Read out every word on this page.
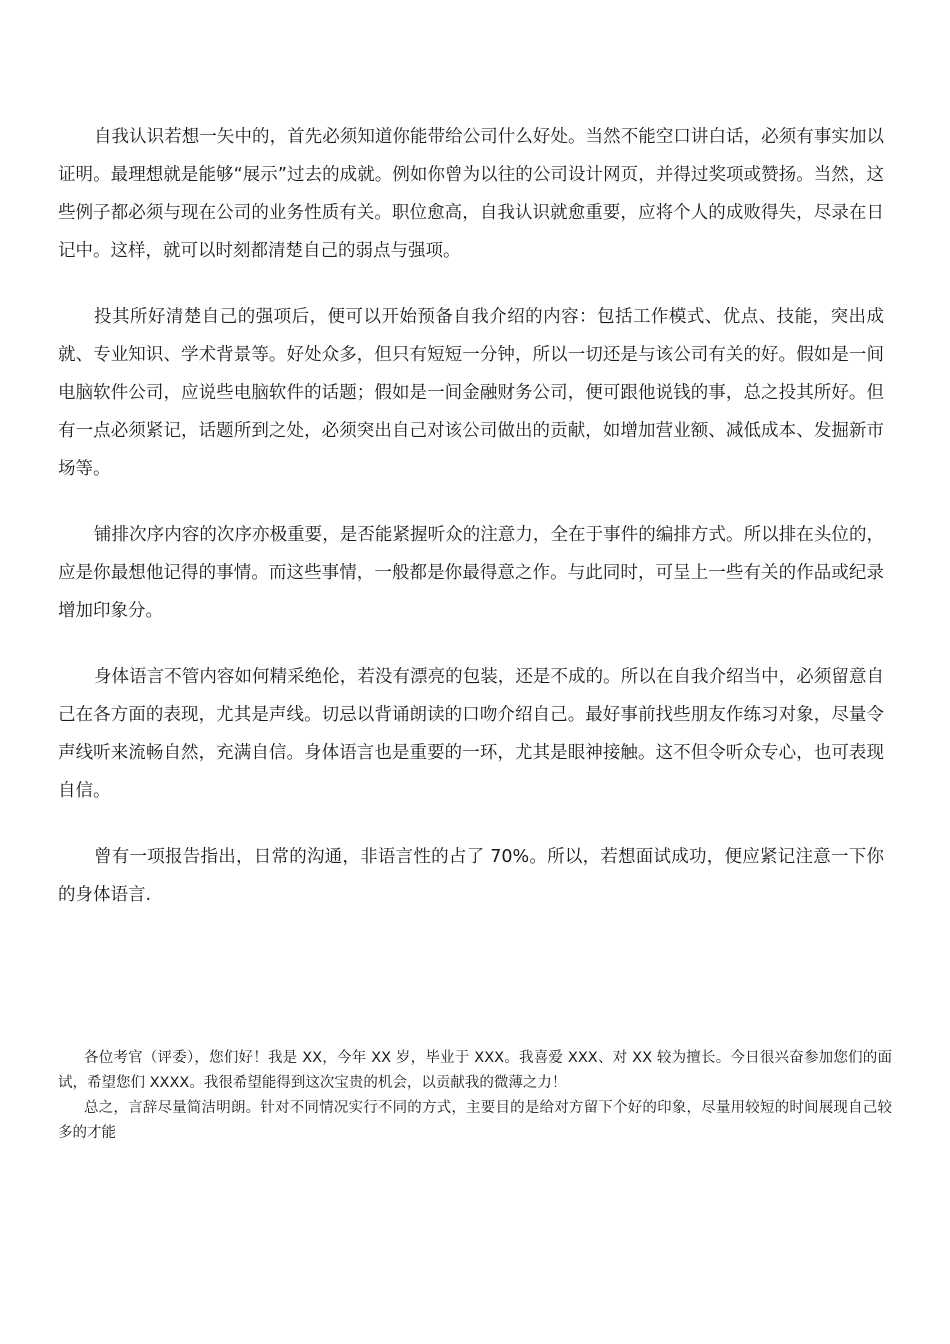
自我认识若想一矢中的，首先必须知道你能带给公司什么好处。当然不能空口讲白话，必须有事实加以证明。最理想就是能够“展示”过去的成就。例如你曾为以往的公司设计网页，并得过奖项或赞扬。当然，这些例子都必须与现在公司的业务性质有关。职位愈高，自我认识就愈重要，应将个人的成败得失，尽录在日记中。这样，就可以时刻都清楚自己的弱点与强项。

投其所好清楚自己的强项后，便可以开始预备自我介绍的内容：包括工作模式、优点、技能，突出成就、专业知识、学术背景等。好处众多，但只有短短一分钟，所以一切还是与该公司有关的好。假如是一间电脑软件公司，应说些电脑软件的话题；假如是一间金融财务公司，便可跟他说钱的事，总之投其所好。但有一点必须紧记，话题所到之处，必须突出自己对该公司做出的贡献，如增加营业额、减低成本、发掘新市场等。

铺排次序内容的次序亦极重要，是否能紧握听众的注意力，全在于事件的编排方式。所以排在头位的，应是你最想他记得的事情。而这些事情，一般都是你最得意之作。与此同时，可呈上一些有关的作品或纪录增加印象分。

身体语言不管内容如何精采绝伦，若没有漂亮的包装，还是不成的。所以在自我介绍当中，必须留意自己在各方面的表现，尤其是声线。切忌以背诵朗读的口吻介绍自己。最好事前找些朋友作练习对象，尽量令声线听来流畅自然，充满自信。身体语言也是重要的一环，尤其是眼神接触。这不但令听众专心，也可表现自信。

曾有一项报告指出，日常的沟通，非语言性的占了 70%。所以，若想面试成功，便应紧记注意一下你的身体语言.

各位考官（评委），您们好！我是 XX，今年 XX 岁，毕业于 XXX。我喜爱 XXX、对 XX 较为擅长。今日很兴奋参加您们的面试，希望您们 XXXX。我很希望能得到这次宝贵的机会，以贡献我的微薄之力！

总之，言辞尽量简洁明朗。针对不同情况实行不同的方式，主要目的是给对方留下个好的印象，尽量用较短的时间展现自己较多的才能
